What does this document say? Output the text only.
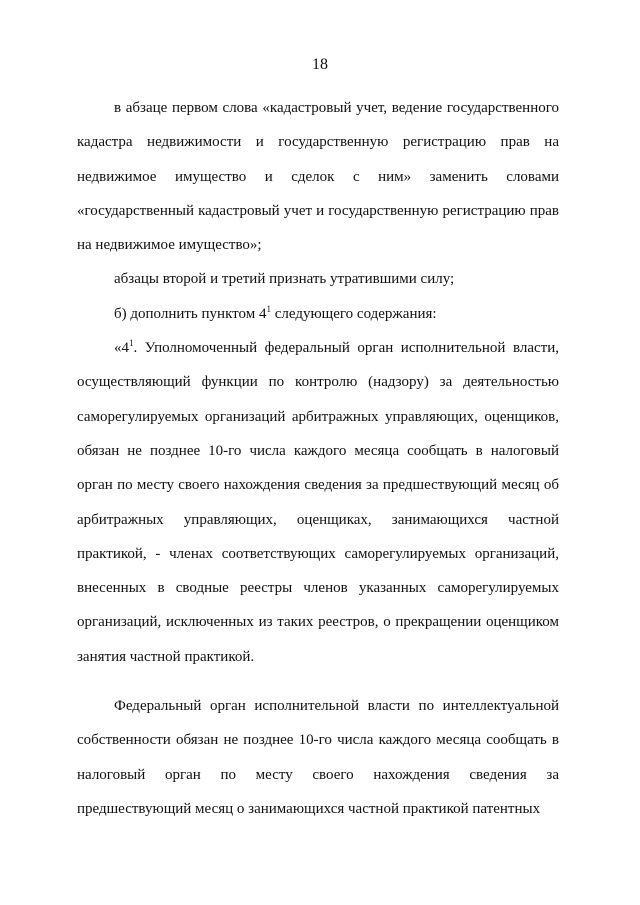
18

в абзаце первом слова «кадастровый учет, ведение государственного кадастра недвижимости и государственную регистрацию прав на недвижимое имущество и сделок с ним» заменить словами «государственный кадастровый учет и государственную регистрацию прав на недвижимое имущество»;

абзацы второй и третий признать утратившими силу;

б) дополнить пунктом $4^1$ следующего содержания:

«$4^1$. Уполномоченный федеральный орган исполнительной власти, осуществляющий функции по контролю (надзору) за деятельностью саморегулируемых организаций арбитражных управляющих, оценщиков, обязан не позднее 10-го числа каждого месяца сообщать в налоговый орган по месту своего нахождения сведения за предшествующий месяц об арбитражных управляющих, оценщиках, занимающихся частной практикой, - членах соответствующих саморегулируемых организаций, внесенных в сводные реестры членов указанных саморегулируемых организаций, исключенных из таких реестров, о прекращении оценщиком занятия частной практикой.

Федеральный орган исполнительной власти по интеллектуальной собственности обязан не позднее 10-го числа каждого месяца сообщать в налоговый орган по месту своего нахождения сведения за предшествующий месяц о занимающихся частной практикой патентных
